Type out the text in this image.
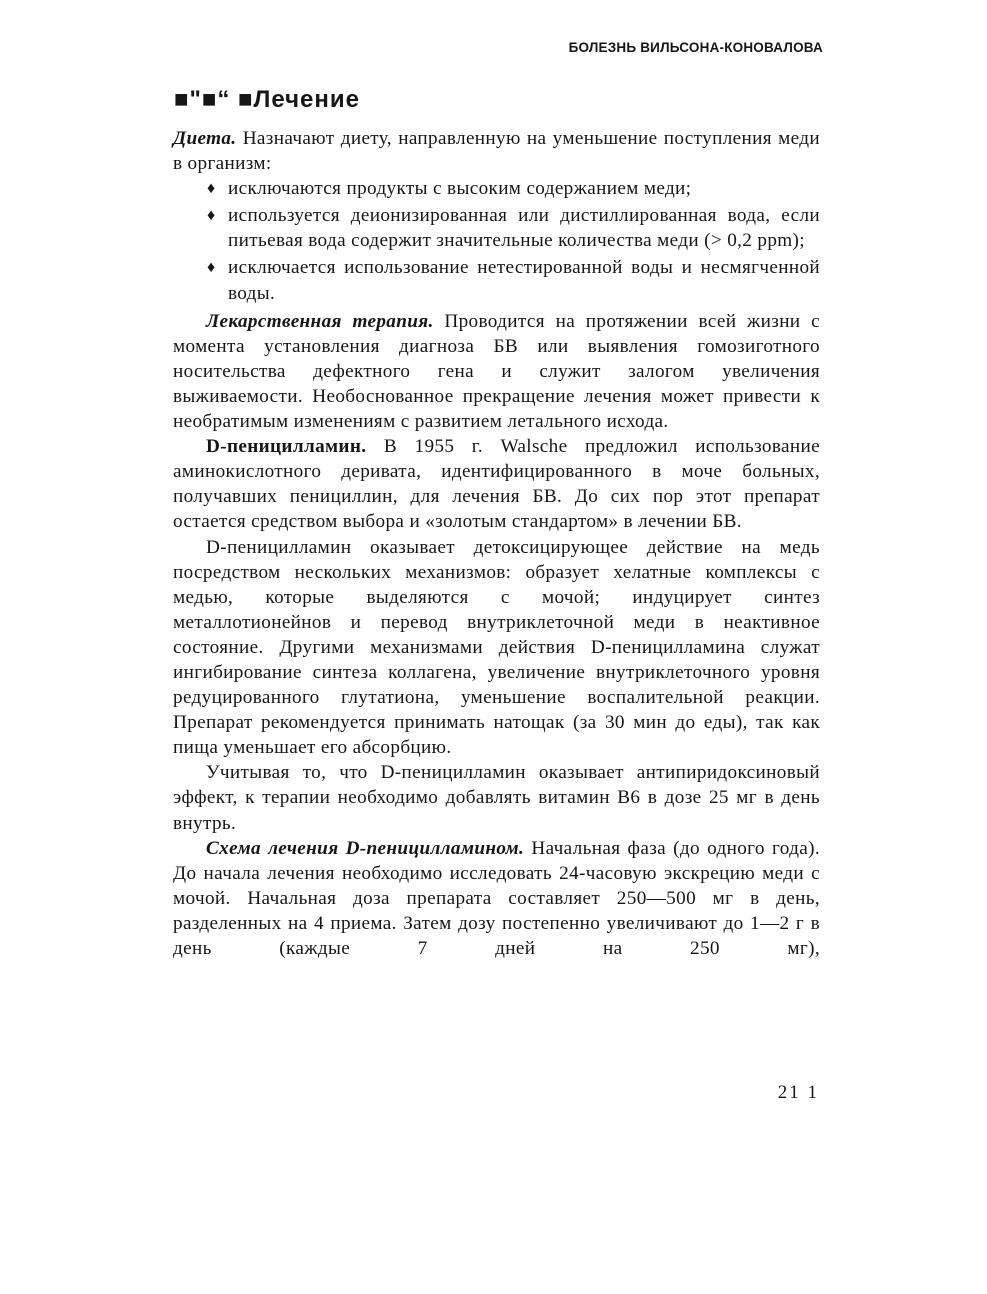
БОЛЕЗНЬ ВИЛЬСОНА-КОНОВАЛОВА
■"■“ ■Лечение

Диета. Назначают диету, направленную на уменьшение поступления меди в организм:

♦ исключаются продукты с высоким содержанием меди;
♦ используется деионизированная или дистиллированная вода, если питьевая вода содержит значительные количества меди (> 0,2 ppm);
♦ исключается использование нетестированной воды и несмягченной воды.

Лекарственная терапия. Проводится на протяжении всей жизни с момента установления диагноза БВ или выявления гомозиготного носительства дефектного гена и служит залогом увеличения выживаемости. Необоснованное прекращение лечения может привести к необратимым изменениям с развитием летального исхода.

D-пеницилламин. В 1955 г. Walsche предложил использование аминокислотного деривата, идентифицированного в моче больных, получавших пенициллин, для лечения БВ. До сих пор этот препарат остается средством выбора и «золотым стандартом» в лечении БВ.

D-пеницилламин оказывает детоксицирующее действие на медь посредством нескольких механизмов: образует хелатные комплексы с медью, которые выделяются с мочой; индуцирует синтез металлотионейнов и перевод внутриклеточной меди в неактивное состояние. Другими механизмами действия D-пеницилламина служат ингибирование синтеза коллагена, увеличение внутриклеточного уровня редуцированного глутатиона, уменьшение воспалительной реакции. Препарат рекомендуется принимать натощак (за 30 мин до еды), так как пища уменьшает его абсорбцию.

Учитывая то, что D-пеницилламин оказывает антипиридоксиновый эффект, к терапии необходимо добавлять витамин В6 в дозе 25 мг в день внутрь.

Схема лечения D-пеницилламином. Начальная фаза (до одного года). До начала лечения необходимо исследовать 24-часовую экскрецию меди с мочой. Начальная доза препарата составляет 250—500 мг в день, разделенных на 4 приема. Затем дозу постепенно увеличивают до 1—2 г в день (каждые 7 дней на 250 мг),

21 1
